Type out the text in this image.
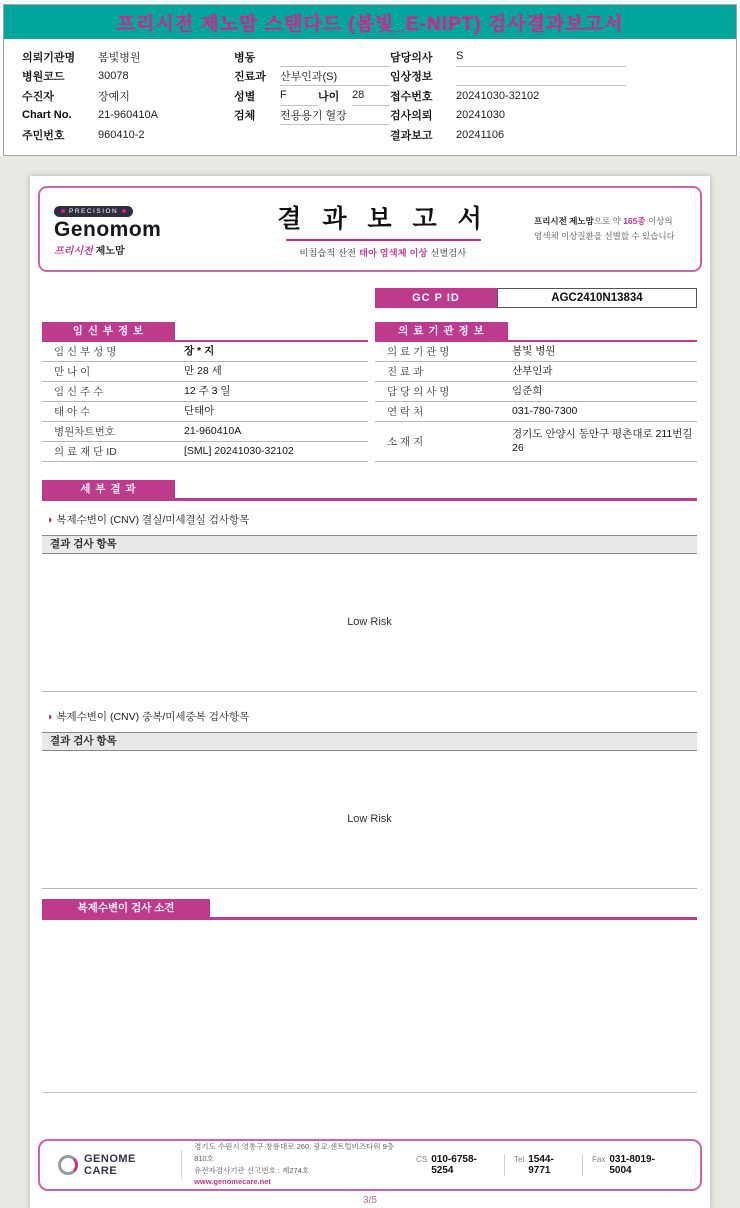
프리시전 제노맘 스탠다드 (봄빛_E-NIPT) 검사결과보고서
의뢰기관명	봄빛병원
병원코드	30078
수진자	장예지
Chart No.	21-960410A
주민번호	960410-2
병동
진료과	산부인과(S)
성별	F	나이	28
검체	전용용기 혈장
담당의사	S
임상정보
접수번호	20241030-32102
검사의뢰	20241030
결과보고	20241106
PRECISION
Genomom
프리시전 제노맘
결 과 보 고 서
비침습적 산전 태아 염색체 이상 선별검사
프리시전 제노맘으로 약 165종 이상의
염색체 이상질환을 선별할 수 있습니다
GC P ID	AGC2410N13834
임 신 부 정 보
임 신 부 성 명	장 * 지
만 나 이	만 28 세
임 신 주 수	12 주 3 일
태 아 수	단태아
병원차트번호	21-960410A
의 료 재 단 ID	[SML] 20241030-32102
의 료 기 관 정 보
의 료 기 관 명	봄빛 병원
진 료 과	산부인과
담 당 의 사 명	임준희
연 락 처	031-780-7300
소 재 지
경기도 안양시 동안구 평촌대로 211번길 26
세 부 결 과
◑ 복제수변이 (CNV) 결실/미세결실 검사항목
결과 검사 항목
Low Risk
◑ 복제수변이 (CNV) 중복/미세중복 검사항목
결과 검사 항목
Low Risk
복제수변이 검사 소견
GENOME CARE
경기도 수원시 영통구 창룡대로 260, 광교 센트럴비즈타워 9층 810호
유전자검사기관 신고번호 : 제274호
www.genomecare.net
CS 010-6758-5254
Tel 1544-9771
Fax 031-8019-5004
3/5
